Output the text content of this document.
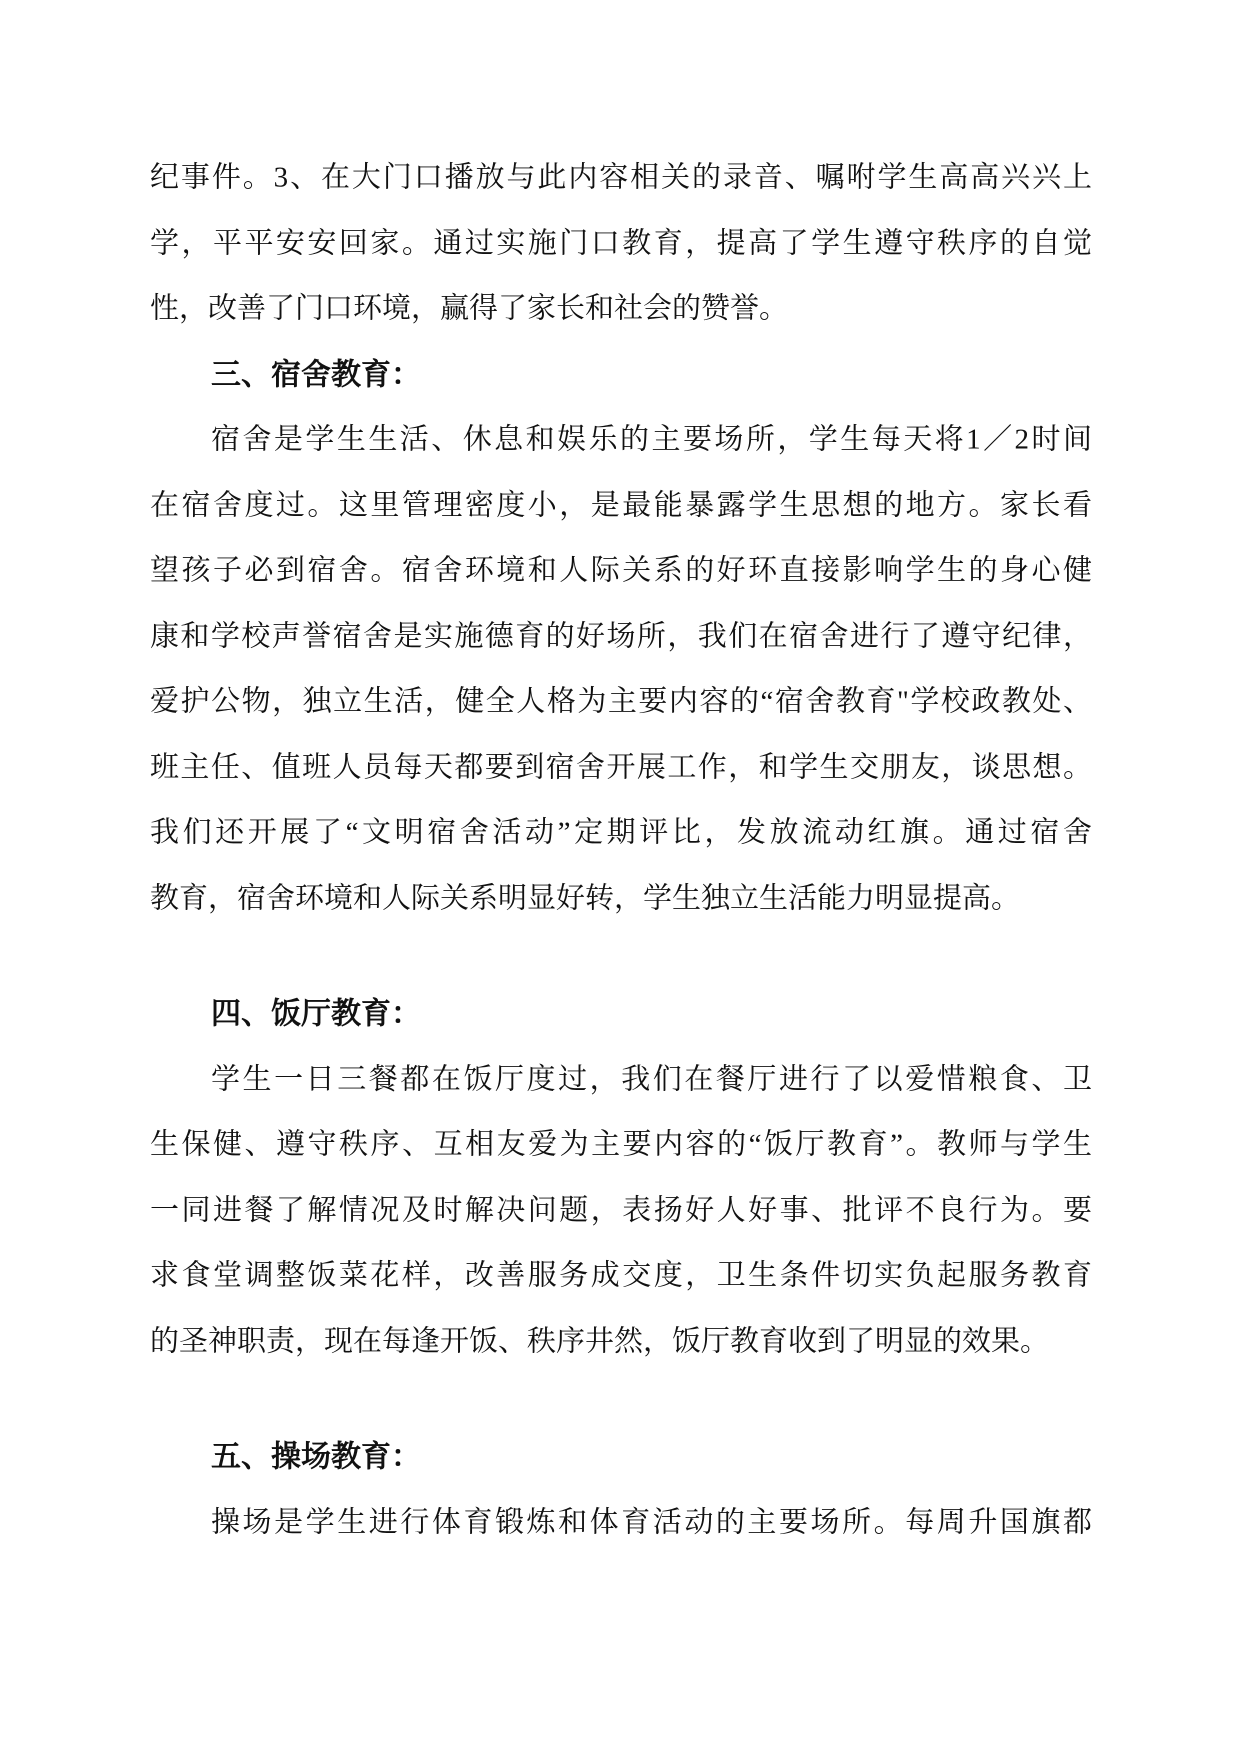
纪事件。3、在大门口播放与此内容相关的录音、嘱咐学生高高兴兴上
学，平平安安回家。通过实施门口教育，提高了学生遵守秩序的自觉
性，改善了门口环境，赢得了家长和社会的赞誉。
三、宿舍教育：
宿舍是学生生活、休息和娱乐的主要场所，学生每天将1／2时间
在宿舍度过。这里管理密度小，是最能暴露学生思想的地方。家长看
望孩子必到宿舍。宿舍环境和人际关系的好环直接影响学生的身心健
康和学校声誉宿舍是实施德育的好场所，我们在宿舍进行了遵守纪律，
爱护公物，独立生活，健全人格为主要内容的“宿舍教育"学校政教处、
班主任、值班人员每天都要到宿舍开展工作，和学生交朋友，谈思想。
我们还开展了“文明宿舍活动”定期评比，发放流动红旗。通过宿舍
教育，宿舍环境和人际关系明显好转，学生独立生活能力明显提高。
四、饭厅教育：
学生一日三餐都在饭厅度过，我们在餐厅进行了以爱惜粮食、卫
生保健、遵守秩序、互相友爱为主要内容的“饭厅教育”。教师与学生
一同进餐了解情况及时解决问题，表扬好人好事、批评不良行为。要
求食堂调整饭菜花样，改善服务成交度，卫生条件切实负起服务教育
的圣神职责，现在每逢开饭、秩序井然，饭厅教育收到了明显的效果。
五、操场教育：
操场是学生进行体育锻炼和体育活动的主要场所。每周升国旗都
